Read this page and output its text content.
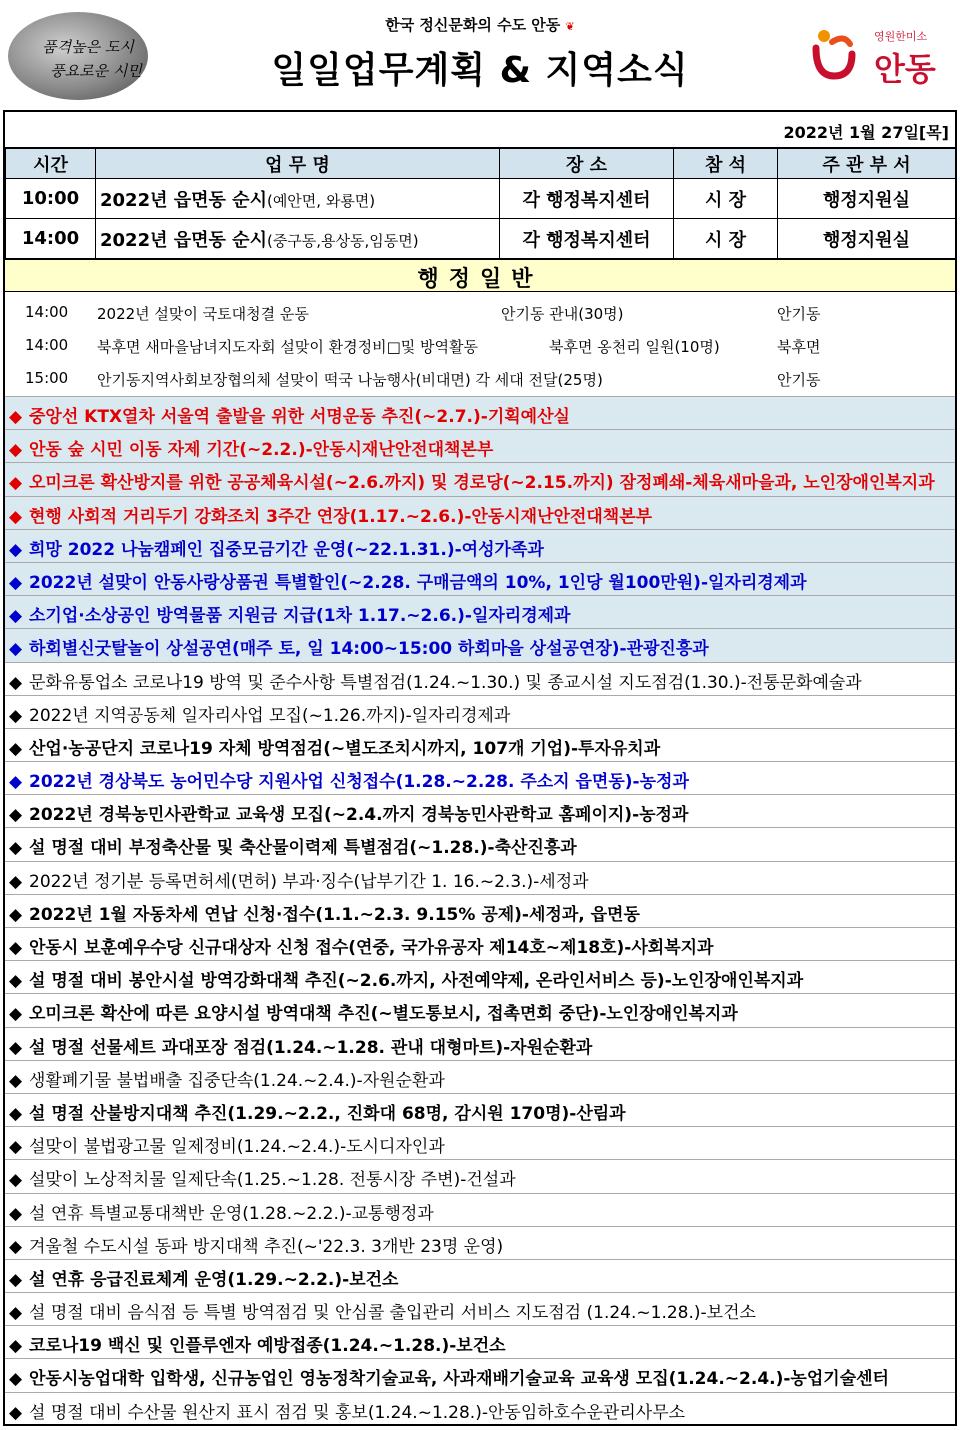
품격높은 도시
풍요로운 시민
한국 정신문화의 수도 안동 ❦
일일업무계획 & 지역소식
영원한미소
안동
2022년 1월 27일[목]
시간	업 무 명	장 소	참 석	주 관 부 서
10:00	2022년 읍면동 순시(예안면, 와룡면)	각 행정복지센터	시 장	행정지원실
14:00	2022년 읍면동 순시(중구동,용상동,임동면)	각 행정복지센터	시 장	행정지원실
행정일반
14:00 2022년 설맞이 국토대청결 운동	안기동 관내(30명)	안기동
14:00 북후면 새마을남녀지도자회 설맞이 환경정비□및 방역활동	북후면 옹천리 일원(10명)	북후면
15:00 안기동지역사회보장협의체 설맞이 떡국 나눔행사(비대면) 각 세대 전달(25명)	안기동
◆ 중앙선 KTX열차 서울역 출발을 위한 서명운동 추진(~2.7.)-기획예산실
◆ 안동 숲 시민 이동 자제 기간(~2.2.)-안동시재난안전대책본부
◆ 오미크론 확산방지를 위한 공공체육시설(~2.6.까지) 및 경로당(~2.15.까지) 잠정폐쇄-체육새마을과, 노인장애인복지과
◆ 현행 사회적 거리두기 강화조치 3주간 연장(1.17.~2.6.)-안동시재난안전대책본부
◆ 희망 2022 나눔캠페인 집중모금기간 운영(~22.1.31.)-여성가족과
◆ 2022년 설맞이 안동사랑상품권 특별할인(~2.28. 구매금액의 10%, 1인당 월100만원)-일자리경제과
◆ 소기업·소상공인 방역물품 지원금 지급(1차 1.17.~2.6.)-일자리경제과
◆ 하회별신굿탈놀이 상설공연(매주 토, 일 14:00~15:00 하회마을 상설공연장)-관광진흥과
◆ 문화유통업소 코로나19 방역 및 준수사항 특별점검(1.24.~1.30.) 및 종교시설 지도점검(1.30.)-전통문화예술과
◆ 2022년 지역공동체 일자리사업 모집(~1.26.까지)-일자리경제과
◆ 산업·농공단지 코로나19 자체 방역점검(~별도조치시까지, 107개 기업)-투자유치과
◆ 2022년 경상북도 농어민수당 지원사업 신청접수(1.28.~2.28. 주소지 읍면동)-농정과
◆ 2022년 경북농민사관학교 교육생 모집(~2.4.까지 경북농민사관학교 홈페이지)-농정과
◆ 설 명절 대비 부정축산물 및 축산물이력제 특별점검(~1.28.)-축산진흥과
◆ 2022년 정기분 등록면허세(면허) 부과·징수(납부기간 1. 16.~2.3.)-세정과
◆ 2022년 1월 자동차세 연납 신청·접수(1.1.~2.3. 9.15% 공제)-세정과, 읍면동
◆ 안동시 보훈예우수당 신규대상자 신청 접수(연중, 국가유공자 제14호~제18호)-사회복지과
◆ 설 명절 대비 봉안시설 방역강화대책 추진(~2.6.까지, 사전예약제, 온라인서비스 등)-노인장애인복지과
◆ 오미크론 확산에 따른 요양시설 방역대책 추진(~별도통보시, 접촉면회 중단)-노인장애인복지과
◆ 설 명절 선물세트 과대포장 점검(1.24.~1.28. 관내 대형마트)-자원순환과
◆ 생활폐기물 불법배출 집중단속(1.24.~2.4.)-자원순환과
◆ 설 명절 산불방지대책 추진(1.29.~2.2., 진화대 68명, 감시원 170명)-산림과
◆ 설맞이 불법광고물 일제정비(1.24.~2.4.)-도시디자인과
◆ 설맞이 노상적치물 일제단속(1.25.~1.28. 전통시장 주변)-건설과
◆ 설 연휴 특별교통대책반 운영(1.28.~2.2.)-교통행정과
◆ 겨울철 수도시설 동파 방지대책 추진(~'22.3. 3개반 23명 운영)
◆ 설 연휴 응급진료체계 운영(1.29.~2.2.)-보건소
◆ 설 명절 대비 음식점 등 특별 방역점검 및 안심콜 출입관리 서비스 지도점검 (1.24.~1.28.)-보건소
◆ 코로나19 백신 및 인플루엔자 예방접종(1.24.~1.28.)-보건소
◆ 안동시농업대학 입학생, 신규농업인 영농정착기술교육, 사과재배기술교육 교육생 모집(1.24.~2.4.)-농업기술센터
◆ 설 명절 대비 수산물 원산지 표시 점검 및 홍보(1.24.~1.28.)-안동임하호수운관리사무소
